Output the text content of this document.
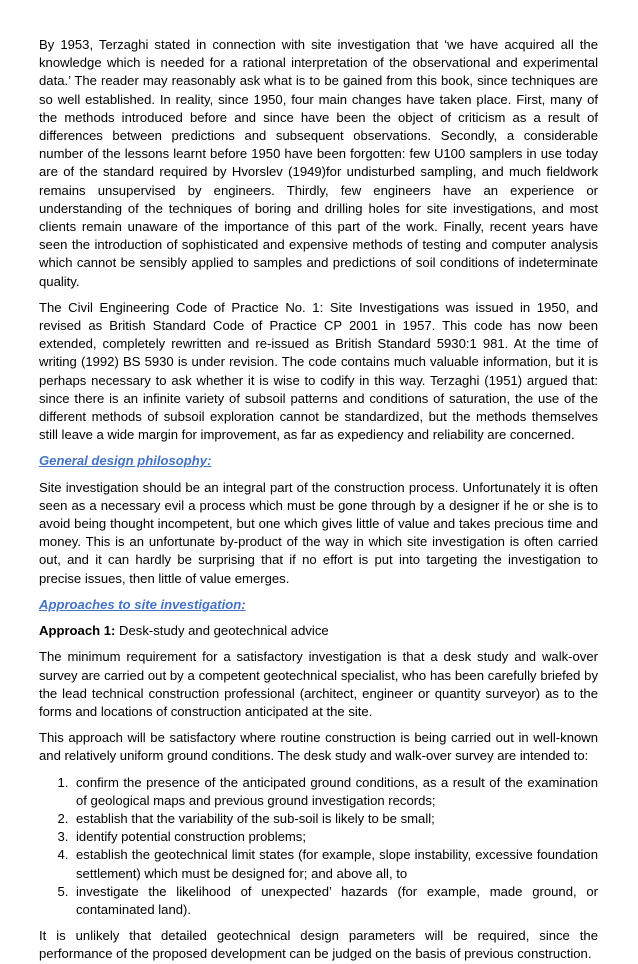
By 1953, Terzaghi stated in connection with site investigation that ‘we have acquired all the knowledge which is needed for a rational interpretation of the observational and experimental data.’ The reader may reasonably ask what is to be gained from this book, since techniques are so well established. In reality, since 1950, four main changes have taken place. First, many of the methods introduced before and since have been the object of criticism as a result of differences between predictions and subsequent observations. Secondly, a considerable number of the lessons learnt before 1950 have been forgotten: few U100 samplers in use today are of the standard required by Hvorslev (1949)for undisturbed sampling, and much fieldwork remains unsupervised by engineers. Thirdly, few engineers have an experience or understanding of the techniques of boring and drilling holes for site investigations, and most clients remain unaware of the importance of this part of the work. Finally, recent years have seen the introduction of sophisticated and expensive methods of testing and computer analysis which cannot be sensibly applied to samples and predictions of soil conditions of indeterminate quality.

The Civil Engineering Code of Practice No. 1: Site Investigations was issued in 1950, and revised as British Standard Code of Practice CP 2001 in 1957. This code has now been extended, completely rewritten and re-issued as British Standard 5930:1 981. At the time of writing (1992) BS 5930 is under revision. The code contains much valuable information, but it is perhaps necessary to ask whether it is wise to codify in this way. Terzaghi (1951) argued that: since there is an infinite variety of subsoil patterns and conditions of saturation, the use of the different methods of subsoil exploration cannot be standardized, but the methods themselves still leave a wide margin for improvement, as far as expediency and reliability are concerned.

General design philosophy:

Site investigation should be an integral part of the construction process. Unfortunately it is often seen as a necessary evil a process which must be gone through by a designer if he or she is to avoid being thought incompetent, but one which gives little of value and takes precious time and money. This is an unfortunate by-product of the way in which site investigation is often carried out, and it can hardly be surprising that if no effort is put into targeting the investigation to precise issues, then little of value emerges.

Approaches to site investigation:

Approach 1: Desk-study and geotechnical advice

The minimum requirement for a satisfactory investigation is that a desk study and walk-over survey are carried out by a competent geotechnical specialist, who has been carefully briefed by the lead technical construction professional (architect, engineer or quantity surveyor) as to the forms and locations of construction anticipated at the site.

This approach will be satisfactory where routine construction is being carried out in well-known and relatively uniform ground conditions. The desk study and walk-over survey are intended to:

1. confirm the presence of the anticipated ground conditions, as a result of the examination of geological maps and previous ground investigation records;
2. establish that the variability of the sub-soil is likely to be small;
3. identify potential construction problems;
4. establish the geotechnical limit states (for example, slope instability, excessive foundation settlement) which must be designed for; and above all, to
5. investigate the likelihood of unexpected’ hazards (for example, made ground, or contaminated land).

It is unlikely that detailed geotechnical design parameters will be required, since the performance of the proposed development can be judged on the basis of previous construction.
